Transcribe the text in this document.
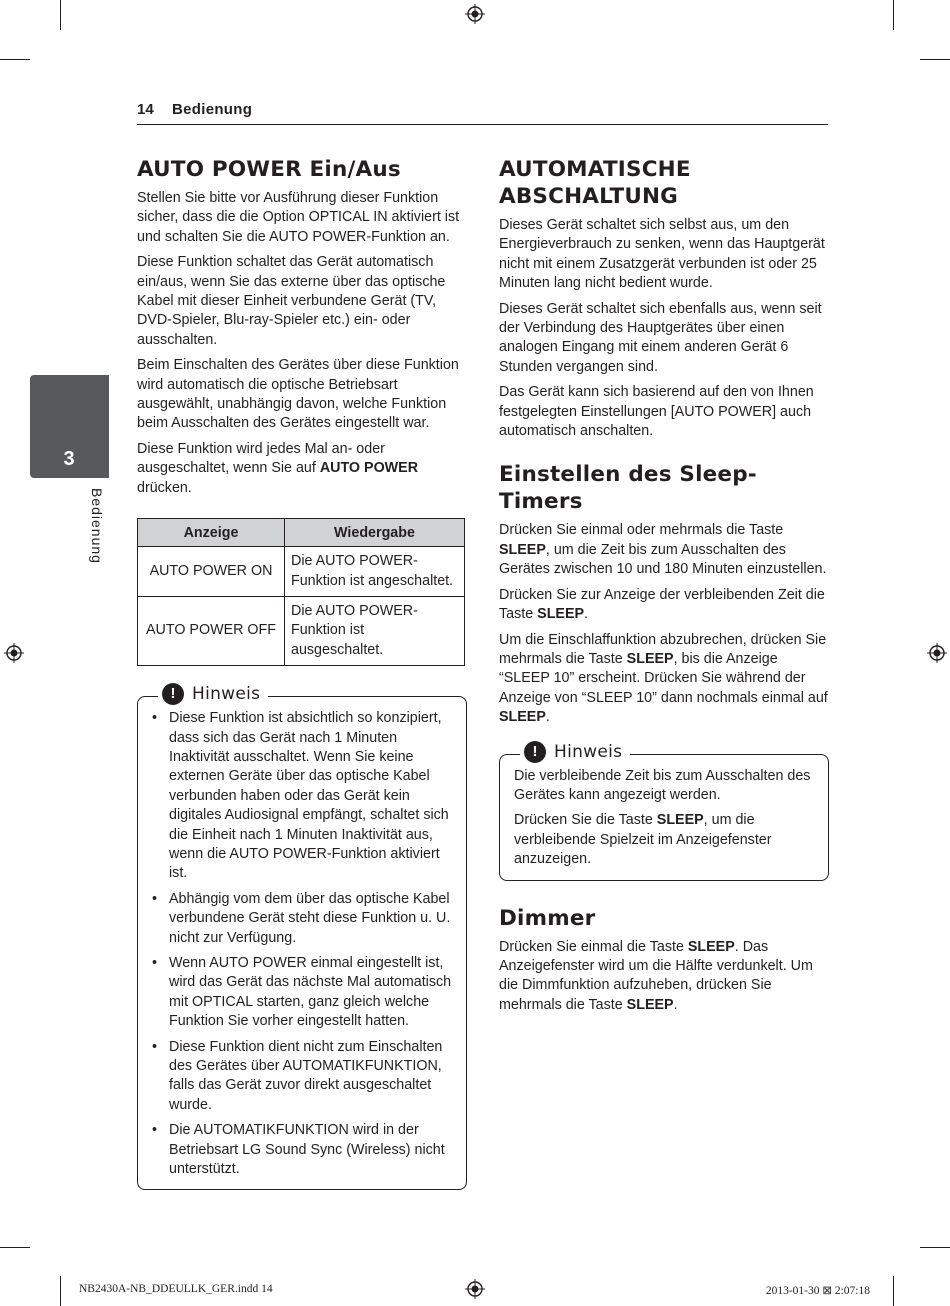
14 Bedienung
3
Bedienung
AUTO POWER Ein/Aus

Stellen Sie bitte vor Ausführung dieser Funktion sicher, dass die die Option OPTICAL IN aktiviert ist und schalten Sie die AUTO POWER-Funktion an.

Diese Funktion schaltet das Gerät automatisch ein/aus, wenn Sie das externe über das optische Kabel mit dieser Einheit verbundene Gerät (TV, DVD-Spieler, Blu-ray-Spieler etc.) ein- oder ausschalten.

Beim Einschalten des Gerätes über diese Funktion wird automatisch die optische Betriebsart ausgewählt, unabhängig davon, welche Funktion beim Ausschalten des Gerätes eingestellt war.

Diese Funktion wird jedes Mal an- oder ausgeschaltet, wenn Sie auf AUTO POWER drücken.

Anzeige	Wiedergabe
AUTO POWER ON	Die AUTO POWER-Funktion ist angeschaltet.
AUTO POWER OFF	Die AUTO POWER-Funktion ist ausgeschaltet.
! Hinweis
• Diese Funktion ist absichtlich so konzipiert, dass sich das Gerät nach 1 Minuten Inaktivität ausschaltet. Wenn Sie keine externen Geräte über das optische Kabel verbunden haben oder das Gerät kein digitales Audiosignal empfängt, schaltet sich die Einheit nach 1 Minuten Inaktivität aus, wenn die AUTO POWER-Funktion aktiviert ist.
• Abhängig vom dem über das optische Kabel verbundene Gerät steht diese Funktion u. U. nicht zur Verfügung.
• Wenn AUTO POWER einmal eingestellt ist, wird das Gerät das nächste Mal automatisch mit OPTICAL starten, ganz gleich welche Funktion Sie vorher eingestellt hatten.
• Diese Funktion dient nicht zum Einschalten des Gerätes über AUTOMATIKFUNKTION, falls das Gerät zuvor direkt ausgeschaltet wurde.
• Die AUTOMATIKFUNKTION wird in der Betriebsart LG Sound Sync (Wireless) nicht unterstützt.
AUTOMATISCHE ABSCHALTUNG

Dieses Gerät schaltet sich selbst aus, um den Energieverbrauch zu senken, wenn das Hauptgerät nicht mit einem Zusatzgerät verbunden ist oder 25 Minuten lang nicht bedient wurde.

Dieses Gerät schaltet sich ebenfalls aus, wenn seit der Verbindung des Hauptgerätes über einen analogen Eingang mit einem anderen Gerät 6 Stunden vergangen sind.

Das Gerät kann sich basierend auf den von Ihnen festgelegten Einstellungen [AUTO POWER] auch automatisch anschalten.

Einstellen des Sleep-Timers

Drücken Sie einmal oder mehrmals die Taste SLEEP, um die Zeit bis zum Ausschalten des Gerätes zwischen 10 und 180 Minuten einzustellen.

Drücken Sie zur Anzeige der verbleibenden Zeit die Taste SLEEP.

Um die Einschlaffunktion abzubrechen, drücken Sie mehrmals die Taste SLEEP, bis die Anzeige “SLEEP 10” erscheint. Drücken Sie während der Anzeige von “SLEEP 10” dann nochmals einmal auf SLEEP.

! Hinweis

Die verbleibende Zeit bis zum Ausschalten des Gerätes kann angezeigt werden.

Drücken Sie die Taste SLEEP, um die verbleibende Spielzeit im Anzeigefenster anzuzeigen.

Dimmer

Drücken Sie einmal die Taste SLEEP. Das Anzeigefenster wird um die Hälfte verdunkelt. Um die Dimmfunktion aufzuheben, drücken Sie mehrmals die Taste SLEEP.

NB2430A-NB_DDEULLK_GER.indd 14	2013-01-30 ⊠ 2:07:18
